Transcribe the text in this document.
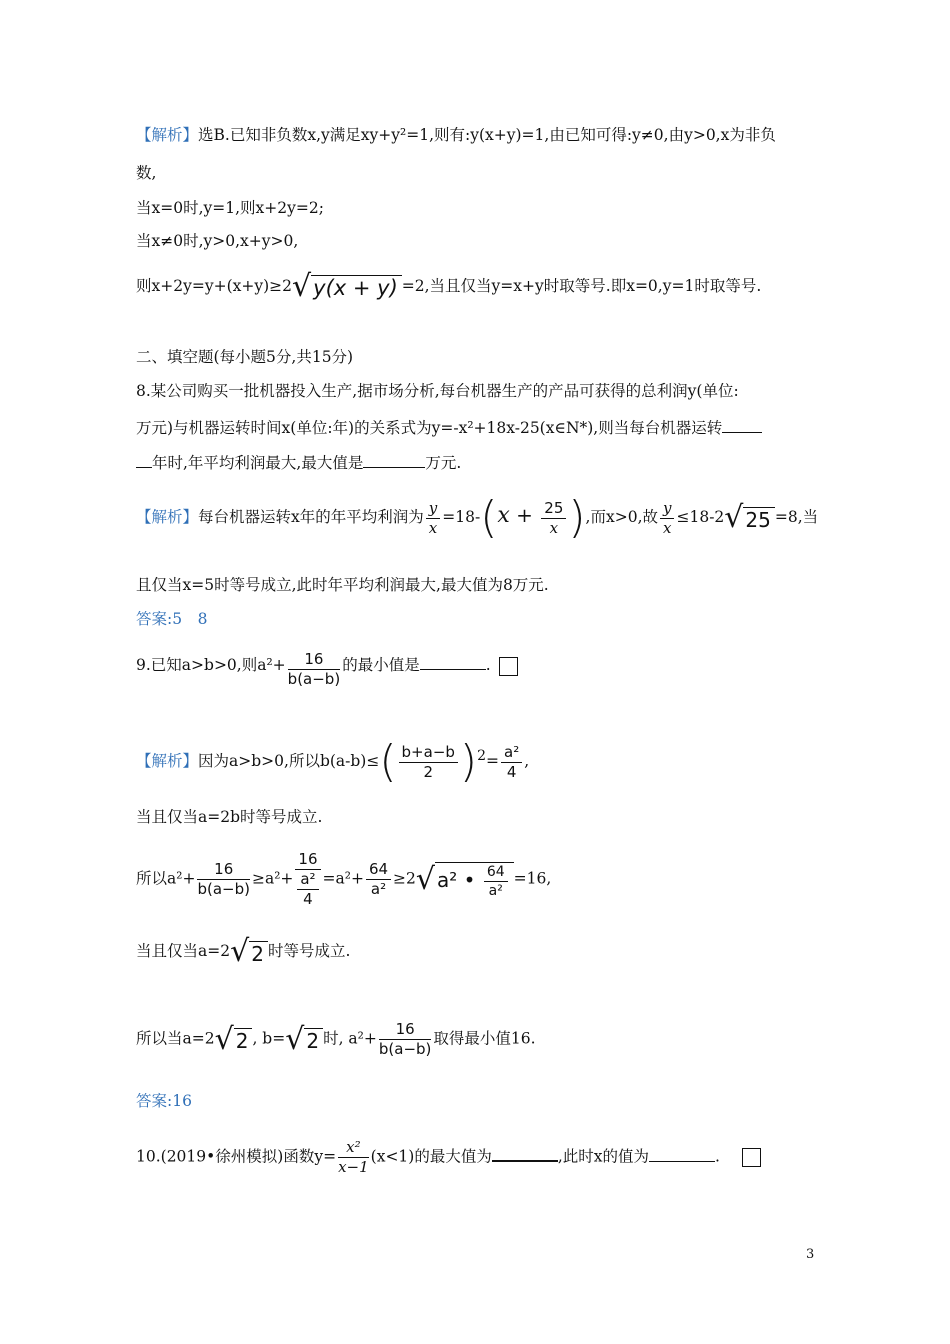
【解析】选B.已知非负数x,y满足xy+y²=1,则有:y(x+y)=1,由已知可得:y≠0,由y>0,x为非负
数,
当x=0时,y=1,则x+2y=2;
当x≠0时,y>0,x+y>0,
则x+2y=y+(x+y)≥2√y(x + y) =2,当且仅当y=x+y时取等号.即x=0,y=1时取等号.
二、填空题(每小题5分,共15分)
8.某公司购买一批机器投入生产,据市场分析,每台机器生产的产品可获得的总利润y(单位:
万元)与机器运转时间x(单位:年)的关系式为y=-x²+18x-25(x∈N*),则当每台机器运转
年时,年平均利润最大,最大值是	万元.
【解析】每台机器运转x年的年平均利润为 $\frac{y}{x} =18-(x + \frac{25}{x}$ ),而x>0,故 $\frac{y}{x} \le 18-2√$ 25 =8,当
且仅当x=5时等号成立,此时年平均利润最大,最大值为8万元.
答案:5　8
9.已知a>b>0,则$a^2+ \frac{16}{b(a-b)}$ 的最小值是	.
【解析】因为a>b>0,所以$b(a-b)\le( \frac{b+a-b}{2} )^2= \frac{\text{a²}}{4}$ ,
当且仅当a=2b时等号成立.
所以$a^2+ \frac{16}{b(a-b)} \ge a^2+ \frac{16}{\frac{\text{a²}}{4}} =a^2+ \frac{64}{\text{a²}} \ge 2√$ a² • $\frac{64}{\text{a²}} =16$,
当且仅当a=2√ 2 时等号成立.
所以当a=2√ 2 , b=√ 2 时, $a^2+ \frac{16}{b(a-b)}$ 取得最小值16.
答案:16
10.(2019•徐州模拟)函数$y= \frac{\text{x²}}{x-1} (x<1)$的最大值为	,此时x的值为	.
3
